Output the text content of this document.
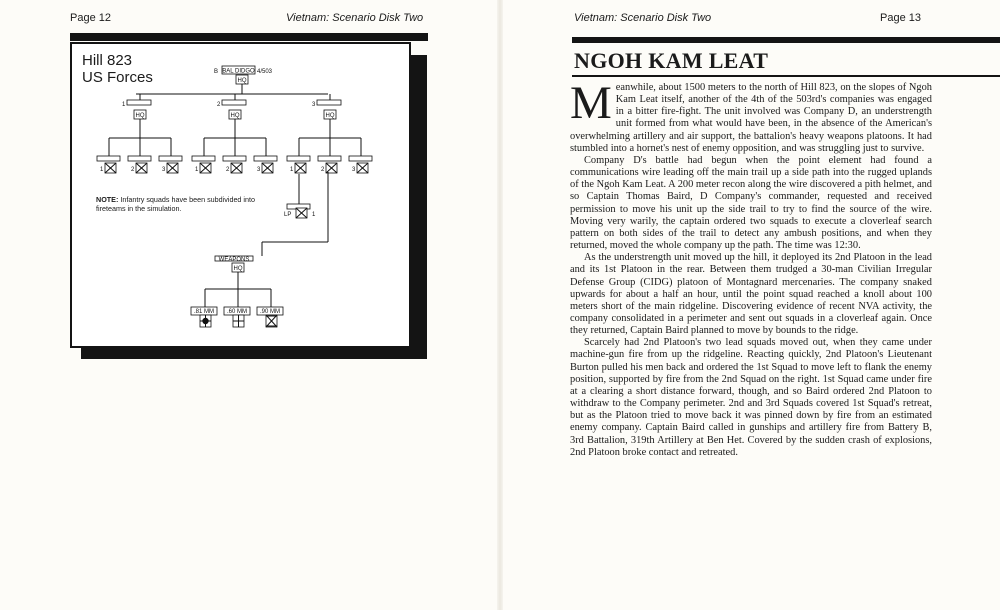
Page 12	Vietnam: Scenario Disk Two
Hill 823
US Forces
NOTE: Infantry squads have been subdivided into fireteams in the simulation.
B BAL DIDGO 4/503
HQ
1
HQ
1	2	3
2
HQ
1	2	3
3
HQ
1	2	3
LP	1
WEAPONS
HQ
.81 MM .60 MM .90 MM
Vietnam: Scenario Disk Two	Page 13
NGOH KAM LEAT

Meanwhile, about 1500 meters to the north of Hill 823, on the slopes of Ngoh Kam Leat itself, another of the 4th of the 503rd's companies was engaged in a bitter fire-fight. The unit involved was Company D, an understrength unit formed from what would have been, in the absence of the American's overwhelming artillery and air support, the battalion's heavy weapons platoons. It had stumbled into a hornet's nest of enemy opposition, and was struggling just to survive.

Company D's battle had begun when the point element had found a communications wire leading off the main trail up a side path into the rugged uplands of the Ngoh Kam Leat. A 200 meter recon along the wire discovered a pith helmet, and so Captain Thomas Baird, D Company's commander, requested and received permission to move his unit up the side trail to try to find the source of the wire. Moving very warily, the captain ordered two squads to execute a cloverleaf search pattern on both sides of the trail to detect any ambush positions, and when they returned, moved the whole company up the path. The time was 12:30.

As the understrength unit moved up the hill, it deployed its 2nd Platoon in the lead and its 1st Platoon in the rear. Between them trudged a 30-man Civilian Irregular Defense Group (CIDG) platoon of Montagnard mercenaries. The company snaked upwards for about a half an hour, until the point squad reached a knoll about 100 meters short of the main ridgeline. Discovering evidence of recent NVA activity, the company consolidated in a perimeter and sent out squads in a cloverleaf again. Once they returned, Captain Baird planned to move by bounds to the ridge.

Scarcely had 2nd Platoon's two lead squads moved out, when they came under machine-gun fire from up the ridgeline. Reacting quickly, 2nd Platoon's Lieutenant Burton pulled his men back and ordered the 1st Squad to move left to flank the enemy position, supported by fire from the 2nd Squad on the right. 1st Squad came under fire at a clearing a short distance forward, though, and so Baird ordered 2nd Platoon to withdraw to the Company perimeter. 2nd and 3rd Squads covered 1st Squad's retreat, but as the Platoon tried to move back it was pinned down by fire from an estimated enemy company. Captain Baird called in gunships and artillery fire from Battery B, 3rd Battalion, 319th Artillery at Ben Het. Covered by the sudden crash of explosions, 2nd Platoon broke contact and retreated.
